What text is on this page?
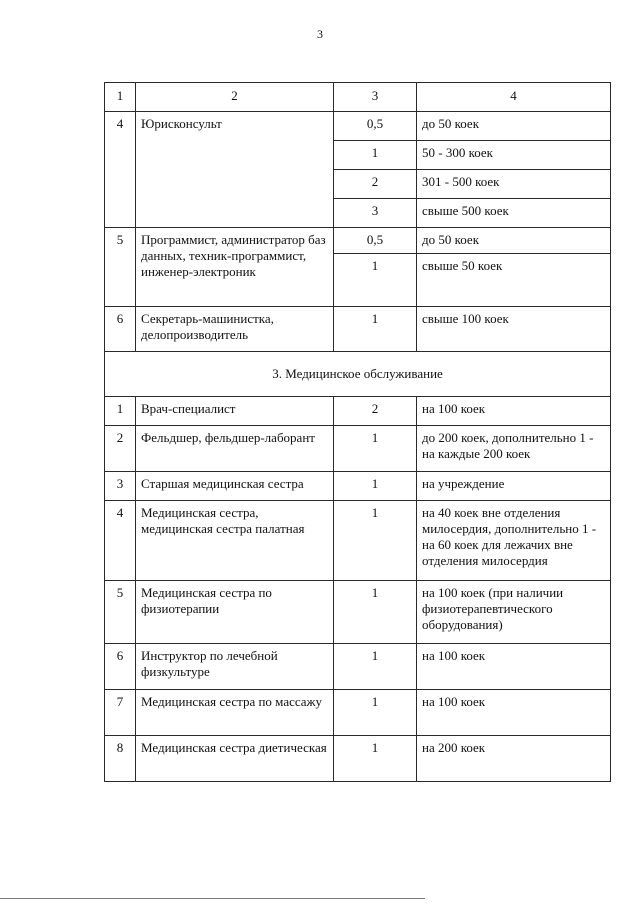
3
1	2	3	4
4	Юрисконсульт	0,5	до 50 коек
		1	50 - 300 коек
		2	301 - 500 коек
		3	свыше 500 коек
5	Программист, администратор баз данных, техник-программист, инженер-электроник	0,5	до 50 коек
		1	свыше 50 коек
6	Секретарь-машинистка, делопроизводитель	1	свыше 100 коек
3. Медицинское обслуживание			
1	Врач-специалист	2	на 100 коек
2	Фельдшер, фельдшер-лаборант	1	до 200 коек, дополнительно 1 - на каждые 200 коек
3	Старшая медицинская сестра	1	на учреждение
4	Медицинская сестра, медицинская сестра палатная	1	на 40 коек вне отделения милосердия, дополнительно 1 - на 60 коек для лежачих вне отделения милосердия
5	Медицинская сестра по физиотерапии	1	на 100 коек (при наличии физиотерапевтического оборудования)
6	Инструктор по лечебной физкультуре	1	на 100 коек
7	Медицинская сестра по массажу	1	на 100 коек
8	Медицинская сестра диетическая	1	на 200 коек
